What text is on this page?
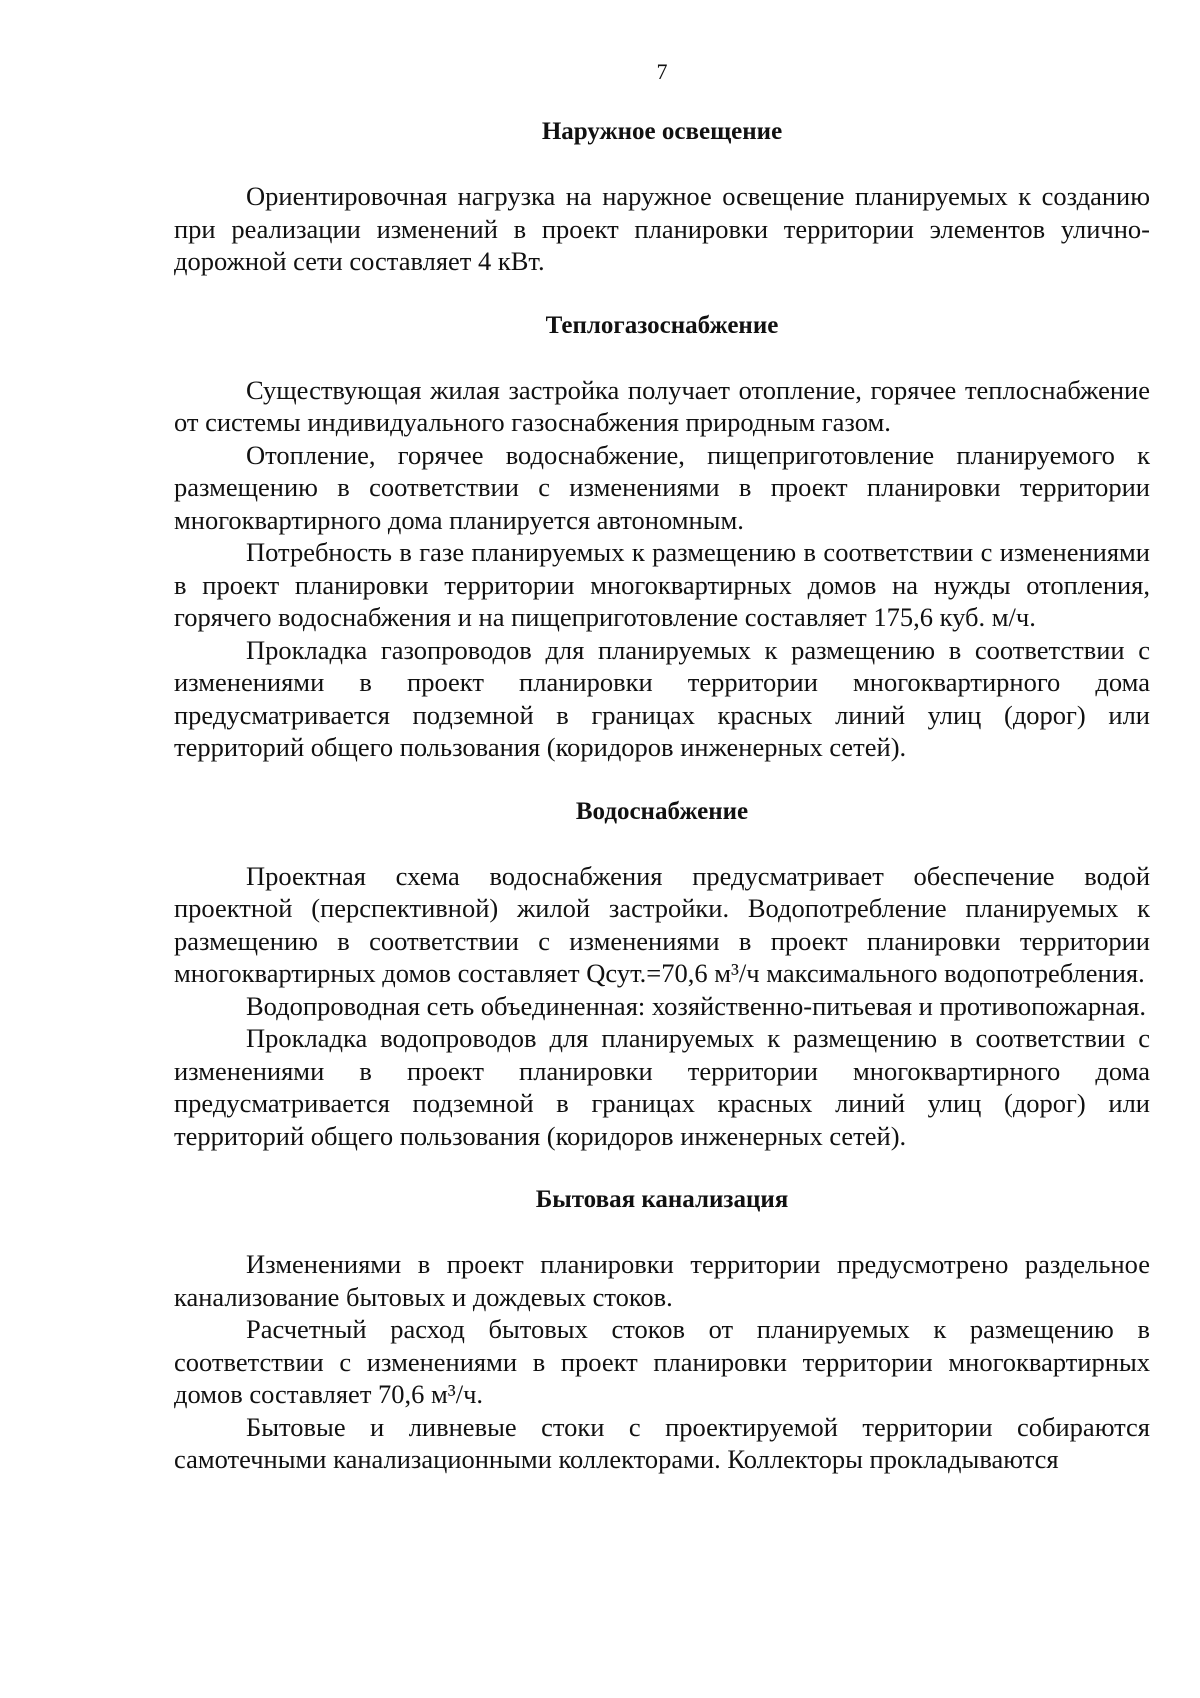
7
Наружное освещение

Ориентировочная нагрузка на наружное освещение планируемых к созданию при реализации изменений в проект планировки территории элементов улично-дорожной сети составляет 4 кВт.

Теплогазоснабжение

Существующая жилая застройка получает отопление, горячее теплоснабжение от системы индивидуального газоснабжения природным газом.

Отопление, горячее водоснабжение, пищеприготовление планируемого к размещению в соответствии с изменениями в проект планировки территории многоквартирного дома планируется автономным.

Потребность в газе планируемых к размещению в соответствии с изменениями в проект планировки территории многоквартирных домов на нужды отопления, горячего водоснабжения и на пищеприготовление составляет 175,6 куб. м/ч.

Прокладка газопроводов для планируемых к размещению в соответствии с изменениями в проект планировки территории многоквартирного дома предусматривается подземной в границах красных линий улиц (дорог) или территорий общего пользования (коридоров инженерных сетей).

Водоснабжение

Проектная схема водоснабжения предусматривает обеспечение водой проектной (перспективной) жилой застройки. Водопотребление планируемых к размещению в соответствии с изменениями в проект планировки территории многоквартирных домов составляет Qсут.=70,6 м³/ч максимального водопотребления.

Водопроводная сеть объединенная: хозяйственно-питьевая и противопожарная.

Прокладка водопроводов для планируемых к размещению в соответствии с изменениями в проект планировки территории многоквартирного дома предусматривается подземной в границах красных линий улиц (дорог) или территорий общего пользования (коридоров инженерных сетей).

Бытовая канализация

Изменениями в проект планировки территории предусмотрено раздельное канализование бытовых и дождевых стоков.

Расчетный расход бытовых стоков от планируемых к размещению в соответствии с изменениями в проект планировки территории многоквартирных домов составляет 70,6 м³/ч.

Бытовые и ливневые стоки с проектируемой территории собираются самотечными канализационными коллекторами. Коллекторы прокладываются
